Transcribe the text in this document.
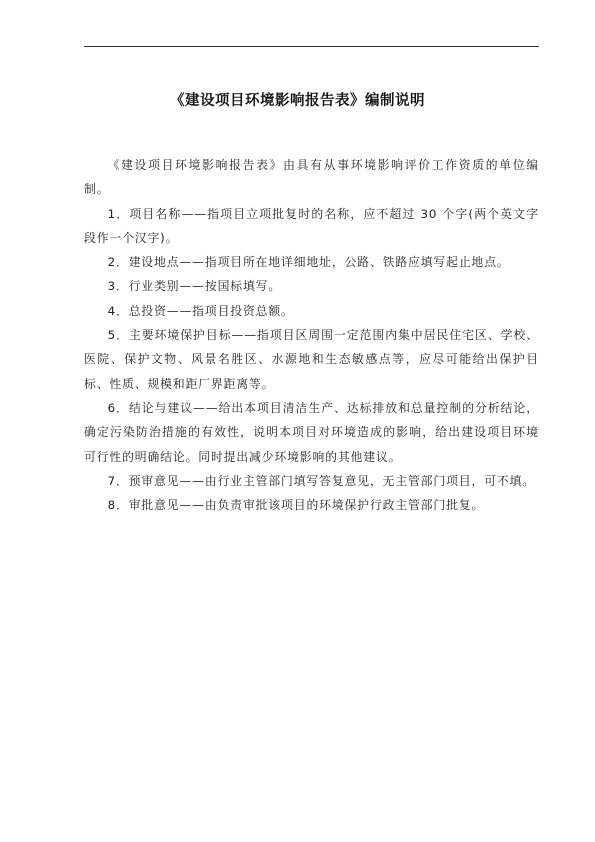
《建设项目环境影响报告表》编制说明

《建设项目环境影响报告表》由具有从事环境影响评价工作资质的单位编制。

1．项目名称——指项目立项批复时的名称，应不超过 30 个字(两个英文字段作一个汉字)。

2．建设地点——指项目所在地详细地址，公路、铁路应填写起止地点。

3．行业类别——按国标填写。

4．总投资——指项目投资总额。

5．主要环境保护目标——指项目区周围一定范围内集中居民住宅区、学校、医院、保护文物、风景名胜区、水源地和生态敏感点等，应尽可能给出保护目标、性质、规模和距厂界距离等。

6．结论与建议——给出本项目清洁生产、达标排放和总量控制的分析结论，确定污染防治措施的有效性，说明本项目对环境造成的影响，给出建设项目环境可行性的明确结论。同时提出减少环境影响的其他建议。

7．预审意见——由行业主管部门填写答复意见，无主管部门项目，可不填。

8．审批意见——由负责审批该项目的环境保护行政主管部门批复。
